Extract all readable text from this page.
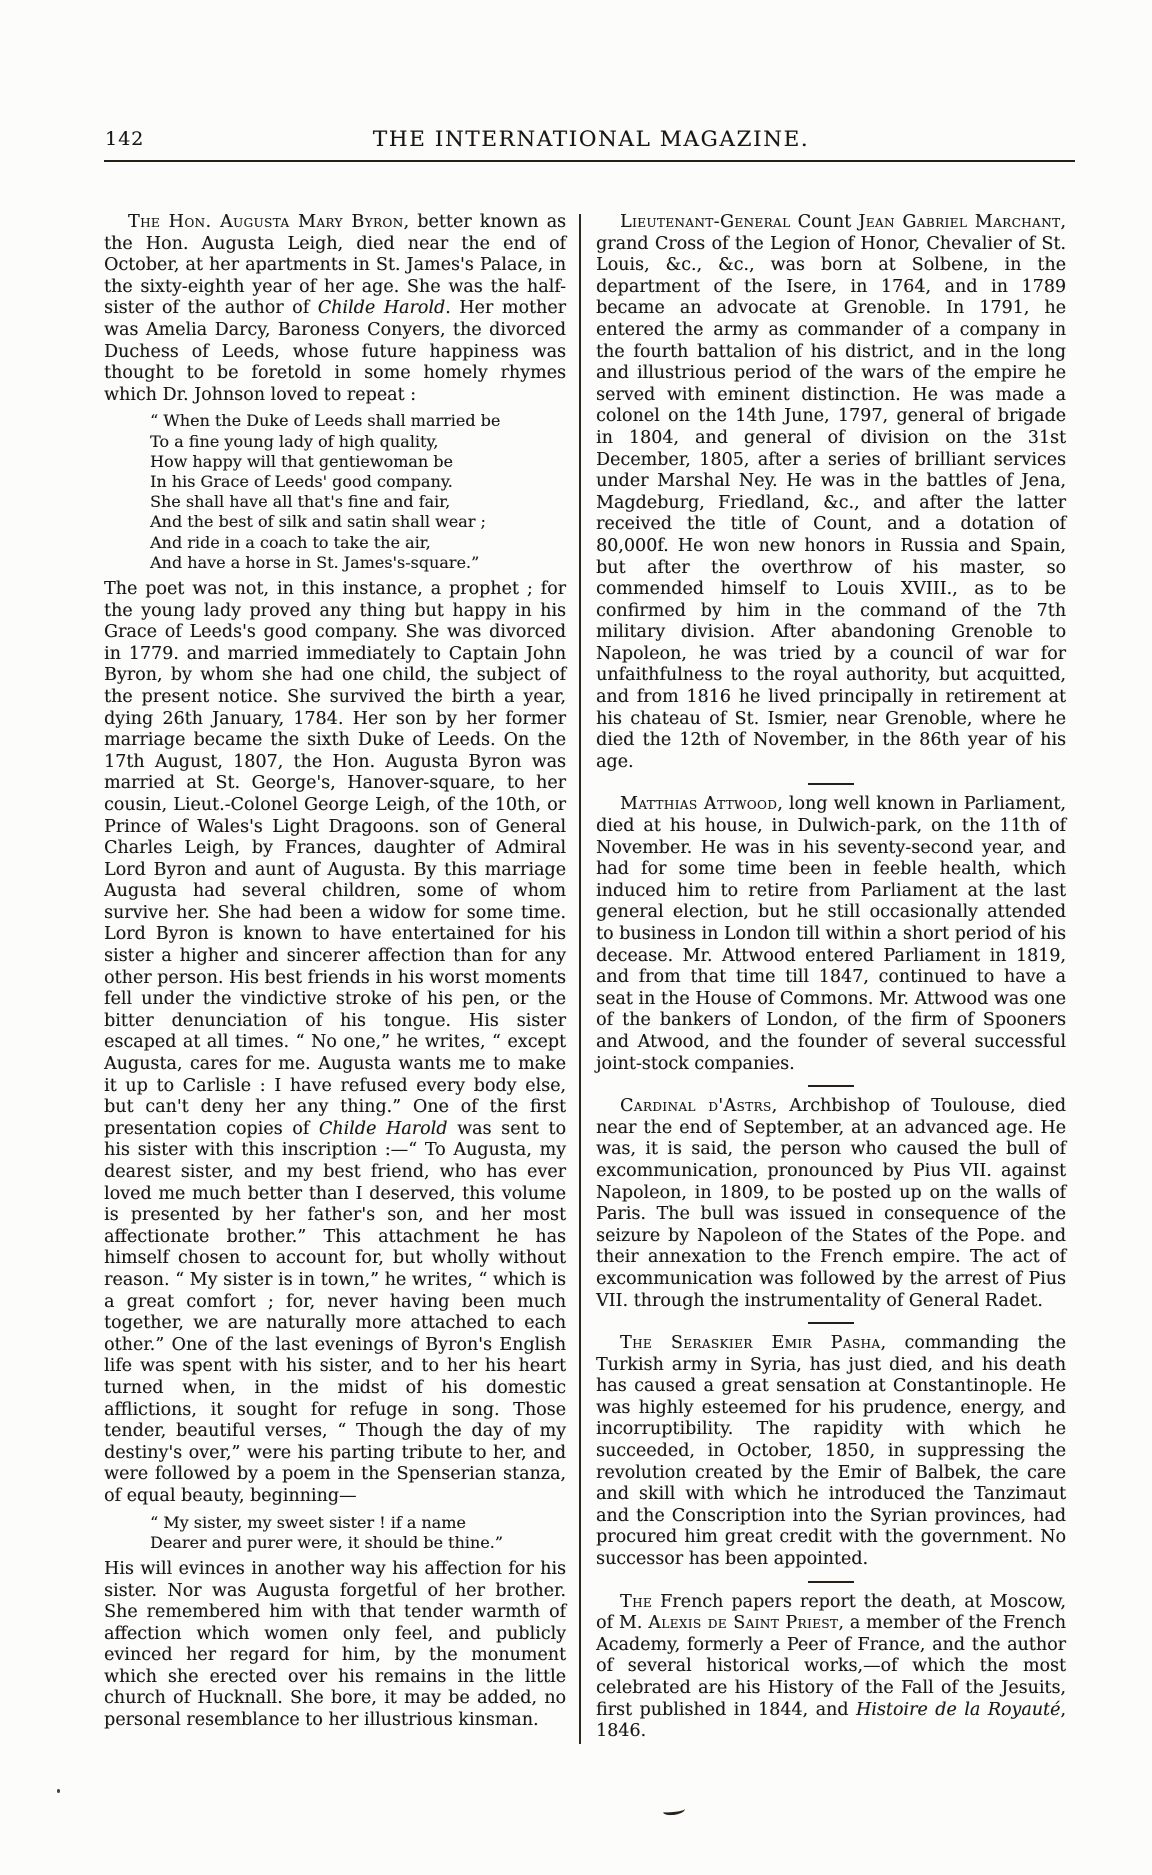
142	THE INTERNATIONAL MAGAZINE.

The Hon. Augusta Mary Byron, better known as the Hon. Augusta Leigh, died near the end of October, at her apartments in St. James's Palace, in the sixty-eighth year of her age. She was the half-sister of the author of Childe Harold. Her mother was Amelia Darcy, Baroness Conyers, the divorced Duchess of Leeds, whose future happiness was thought to be foretold in some homely rhymes which Dr. Johnson loved to repeat :

“ When the Duke of Leeds shall married be
To a fine young lady of high quality,
How happy will that gentiewoman be
In his Grace of Leeds' good company.
She shall have all that's fine and fair,
And the best of silk and satin shall wear ;
And ride in a coach to take the air,
And have a horse in St. James's-square.”

The poet was not, in this instance, a prophet ; for the young lady proved any thing but happy in his Grace of Leeds's good company. She was divorced in 1779. and married immediately to Captain John Byron, by whom she had one child, the subject of the present notice. She survived the birth a year, dying 26th January, 1784. Her son by her former marriage became the sixth Duke of Leeds. On the 17th August, 1807, the Hon. Augusta Byron was married at St. George's, Hanover-square, to her cousin, Lieut.-Colonel George Leigh, of the 10th, or Prince of Wales's Light Dragoons. son of General Charles Leigh, by Frances, daughter of Admiral Lord Byron and aunt of Augusta. By this marriage Augusta had several children, some of whom survive her. She had been a widow for some time. Lord Byron is known to have entertained for his sister a higher and sincerer affection than for any other person. His best friends in his worst moments fell under the vindictive stroke of his pen, or the bitter denunciation of his tongue. His sister escaped at all times. “ No one,” he writes, “ except Augusta, cares for me. Augusta wants me to make it up to Carlisle : I have refused every body else, but can't deny her any thing.” One of the first presentation copies of Childe Harold was sent to his sister with this inscription :—“ To Augusta, my dearest sister, and my best friend, who has ever loved me much better than I deserved, this volume is presented by her father's son, and her most affectionate brother.” This attachment he has himself chosen to account for, but wholly without reason. “ My sister is in town,” he writes, “ which is a great comfort ; for, never having been much together, we are naturally more attached to each other.” One of the last evenings of Byron's English life was spent with his sister, and to her his heart turned when, in the midst of his domestic afflictions, it sought for refuge in song. Those tender, beautiful verses, “ Though the day of my destiny's over,” were his parting tribute to her, and were followed by a poem in the Spenserian stanza, of equal beauty, beginning—

“ My sister, my sweet sister ! if a name
Dearer and purer were, it should be thine.”

His will evinces in another way his affection for his sister. Nor was Augusta forgetful of her brother. She remembered him with that tender warmth of affection which women only feel, and publicly evinced her regard for him, by the monument which she erected over his remains in the little church of Hucknall. She bore, it may be added, no personal resemblance to her illustrious kinsman.

Lieutenant-General Count Jean Gabriel Marchant, grand Cross of the Legion of Honor, Chevalier of St. Louis, &c., &c., was born at Solbene, in the department of the Isere, in 1764, and in 1789 became an advocate at Grenoble. In 1791, he entered the army as commander of a company in the fourth battalion of his district, and in the long and illustrious period of the wars of the empire he served with eminent distinction. He was made a colonel on the 14th June, 1797, general of brigade in 1804, and general of division on the 31st December, 1805, after a series of brilliant services under Marshal Ney. He was in the battles of Jena, Magdeburg, Friedland, &c., and after the latter received the title of Count, and a dotation of 80,000f. He won new honors in Russia and Spain, but after the overthrow of his master, so commended himself to Louis XVIII., as to be confirmed by him in the command of the 7th military division. After abandoning Grenoble to Napoleon, he was tried by a council of war for unfaithfulness to the royal authority, but acquitted, and from 1816 he lived principally in retirement at his chateau of St. Ismier, near Grenoble, where he died the 12th of November, in the 86th year of his age.

Matthias Attwood, long well known in Parliament, died at his house, in Dulwich-park, on the 11th of November. He was in his seventy-second year, and had for some time been in feeble health, which induced him to retire from Parliament at the last general election, but he still occasionally attended to business in London till within a short period of his decease. Mr. Attwood entered Parliament in 1819, and from that time till 1847, continued to have a seat in the House of Commons. Mr. Attwood was one of the bankers of London, of the firm of Spooners and Atwood, and the founder of several successful joint-stock companies.

Cardinal d'Astrs, Archbishop of Toulouse, died near the end of September, at an advanced age. He was, it is said, the person who caused the bull of excommunication, pronounced by Pius VII. against Napoleon, in 1809, to be posted up on the walls of Paris. The bull was issued in consequence of the seizure by Napoleon of the States of the Pope. and their annexation to the French empire. The act of excommunication was followed by the arrest of Pius VII. through the instrumentality of General Radet.

The Seraskier Emir Pasha, commanding the Turkish army in Syria, has just died, and his death has caused a great sensation at Constantinople. He was highly esteemed for his prudence, energy, and incorruptibility. The rapidity with which he succeeded, in October, 1850, in suppressing the revolution created by the Emir of Balbek, the care and skill with which he introduced the Tanzimaut and the Conscription into the Syrian provinces, had procured him great credit with the government. No successor has been appointed.

The French papers report the death, at Moscow, of M. Alexis de Saint Priest, a member of the French Academy, formerly a Peer of France, and the author of several historical works,—of which the most celebrated are his History of the Fall of the Jesuits, first published in 1844, and Histoire de la Royauté, 1846.
